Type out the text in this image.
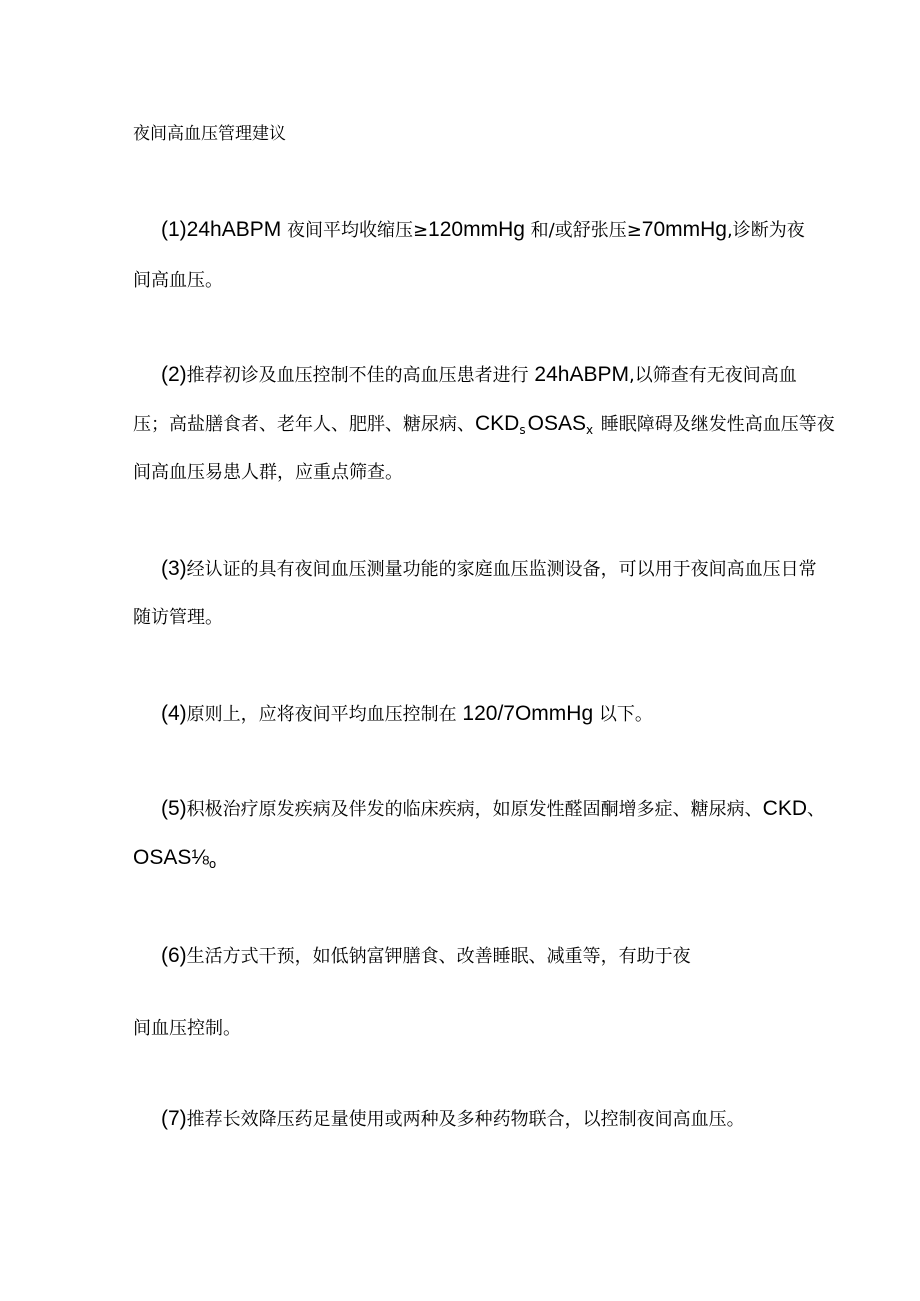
夜间高血压管理建议
(1)24hABPM 夜间平均收缩压≥120mmHg 和∕或舒张压≥70mmHg,诊断为夜
间高血压。
(2)推荐初诊及血压控制不佳的高血压患者进行 24hABPM,以筛查有无夜间高血
压；高盐膳食者、老年人、肥胖、糖尿病、$CKD_sOSAS_x$ 睡眠障碍及继发性高血压等夜
间高血压易患人群，应重点筛查。
(3)经认证的具有夜间血压测量功能的家庭血压监测设备，可以用于夜间高血压日常
随访管理。
(4)原则上，应将夜间平均血压控制在 120/7OmmHg 以下。
(5)积极治疗原发疾病及伴发的临床疾病，如原发性醛固酮增多症、糖尿病、CKD、
$OSAS\frac{1}{8}_o$
(6)生活方式干预，如低钠富钾膳食、改善睡眠、减重等，有助于夜
间血压控制。
(7)推荐长效降压药足量使用或两种及多种药物联合，以控制夜间高血压。
